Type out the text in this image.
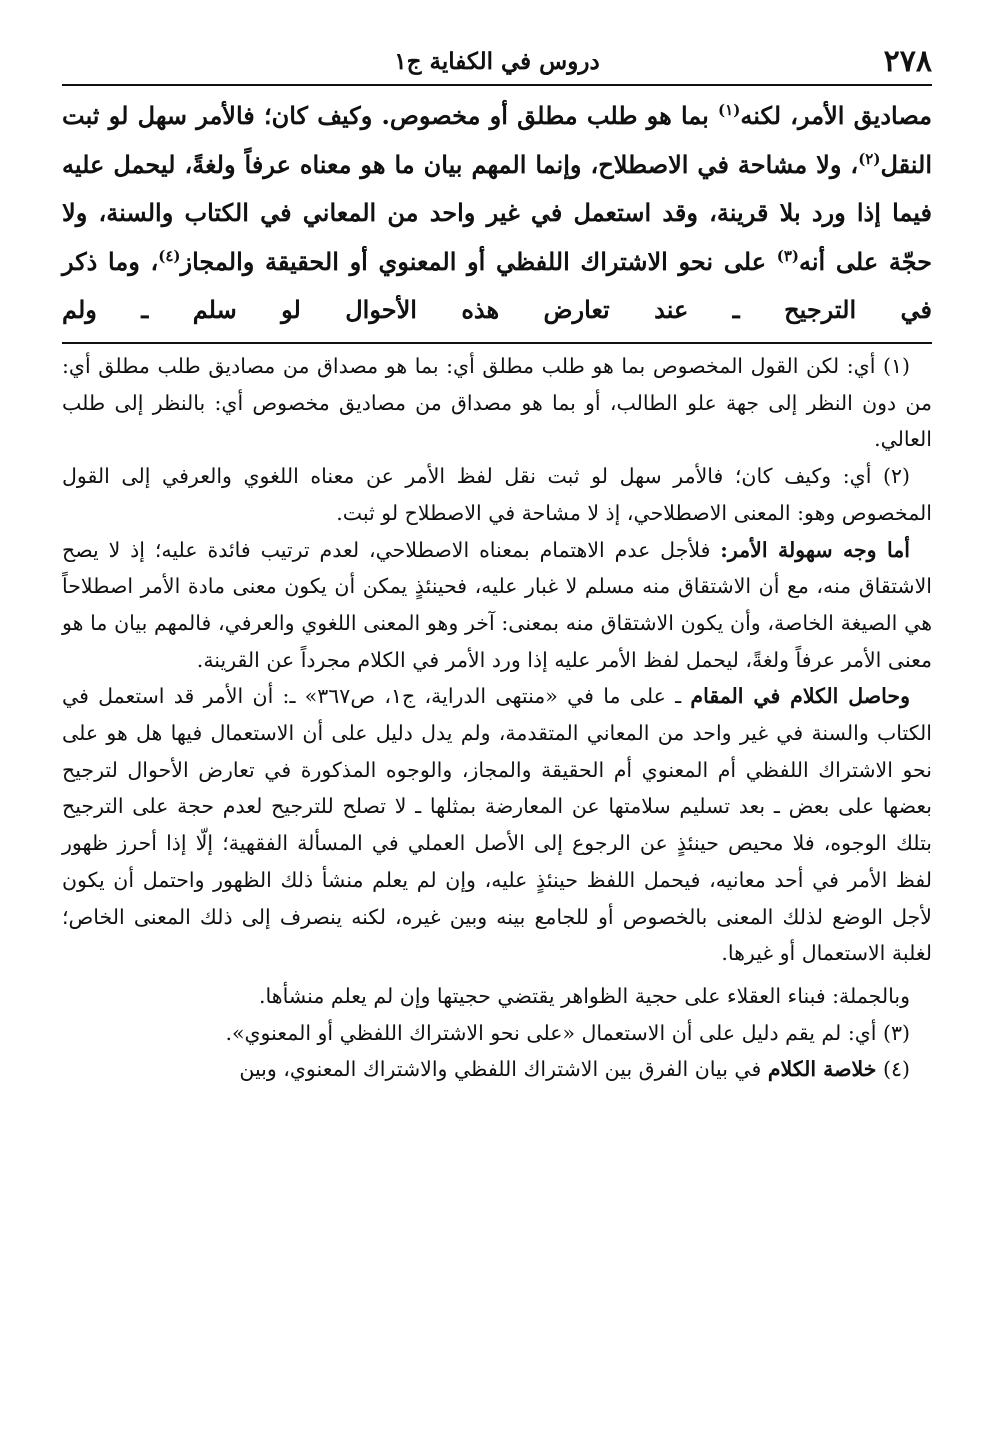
٢٧٨
دروس في الكفاية ج١

مصاديق الأمر، لكنه$^{(١)}$ بما هو طلب مطلق أو مخصوص. وكيف كان؛ فالأمر سهل لو ثبت النقل$^{(٢)}$، ولا مشاحة في الاصطلاح، وإنما المهم بيان ما هو معناه عرفاً ولغةً، ليحمل عليه فيما إذا ورد بلا قرينة، وقد استعمل في غير واحد من المعاني في الكتاب والسنة، ولا حجّة على أنه$^{(٣)}$ على نحو الاشتراك اللفظي أو المعنوي أو الحقيقة والمجاز$^{(٤)}$، وما ذكر في الترجيح ـ عند تعارض هذه الأحوال لو سلم ـ ولم

(١) أي: لكن القول المخصوص بما هو طلب مطلق أي: بما هو مصداق من مصاديق طلب مطلق أي: من دون النظر إلى جهة علو الطالب، أو بما هو مصداق من مصاديق مخصوص أي: بالنظر إلى طلب العالي.

(٢) أي: وكيف كان؛ فالأمر سهل لو ثبت نقل لفظ الأمر عن معناه اللغوي والعرفي إلى القول المخصوص وهو: المعنى الاصطلاحي، إذ لا مشاحة في الاصطلاح لو ثبت.

أما وجه سهولة الأمر: فلأجل عدم الاهتمام بمعناه الاصطلاحي، لعدم ترتيب فائدة عليه؛ إذ لا يصح الاشتقاق منه، مع أن الاشتقاق منه مسلم لا غبار عليه، فحينئذٍ يمكن أن يكون معنى مادة الأمر اصطلاحاً هي الصيغة الخاصة، وأن يكون الاشتقاق منه بمعنى: آخر وهو المعنى اللغوي والعرفي، فالمهم بيان ما هو معنى الأمر عرفاً ولغةً، ليحمل لفظ الأمر عليه إذا ورد الأمر في الكلام مجرداً عن القرينة.

وحاصل الكلام في المقام ـ على ما في «منتهى الدراية، ج١، ص٣٦٧» ـ: أن الأمر قد استعمل في الكتاب والسنة في غير واحد من المعاني المتقدمة، ولم يدل دليل على أن الاستعمال فيها هل هو على نحو الاشتراك اللفظي أم المعنوي أم الحقيقة والمجاز، والوجوه المذكورة في تعارض الأحوال لترجيح بعضها على بعض ـ بعد تسليم سلامتها عن المعارضة بمثلها ـ لا تصلح للترجيح لعدم حجة على الترجيح بتلك الوجوه، فلا محيص حينئذٍ عن الرجوع إلى الأصل العملي في المسألة الفقهية؛ إلّا إذا أحرز ظهور لفظ الأمر في أحد معانيه، فيحمل اللفظ حينئذٍ عليه، وإن لم يعلم منشأ ذلك الظهور واحتمل أن يكون لأجل الوضع لذلك المعنى بالخصوص أو للجامع بينه وبين غيره، لكنه ينصرف إلى ذلك المعنى الخاص؛ لغلبة الاستعمال أو غيرها.

وبالجملة: فبناء العقلاء على حجية الظواهر يقتضي حجيتها وإن لم يعلم منشأها.

(٣) أي: لم يقم دليل على أن الاستعمال «على نحو الاشتراك اللفظي أو المعنوي».

(٤) خلاصة الكلام في بيان الفرق بين الاشتراك اللفظي والاشتراك المعنوي، وبين
